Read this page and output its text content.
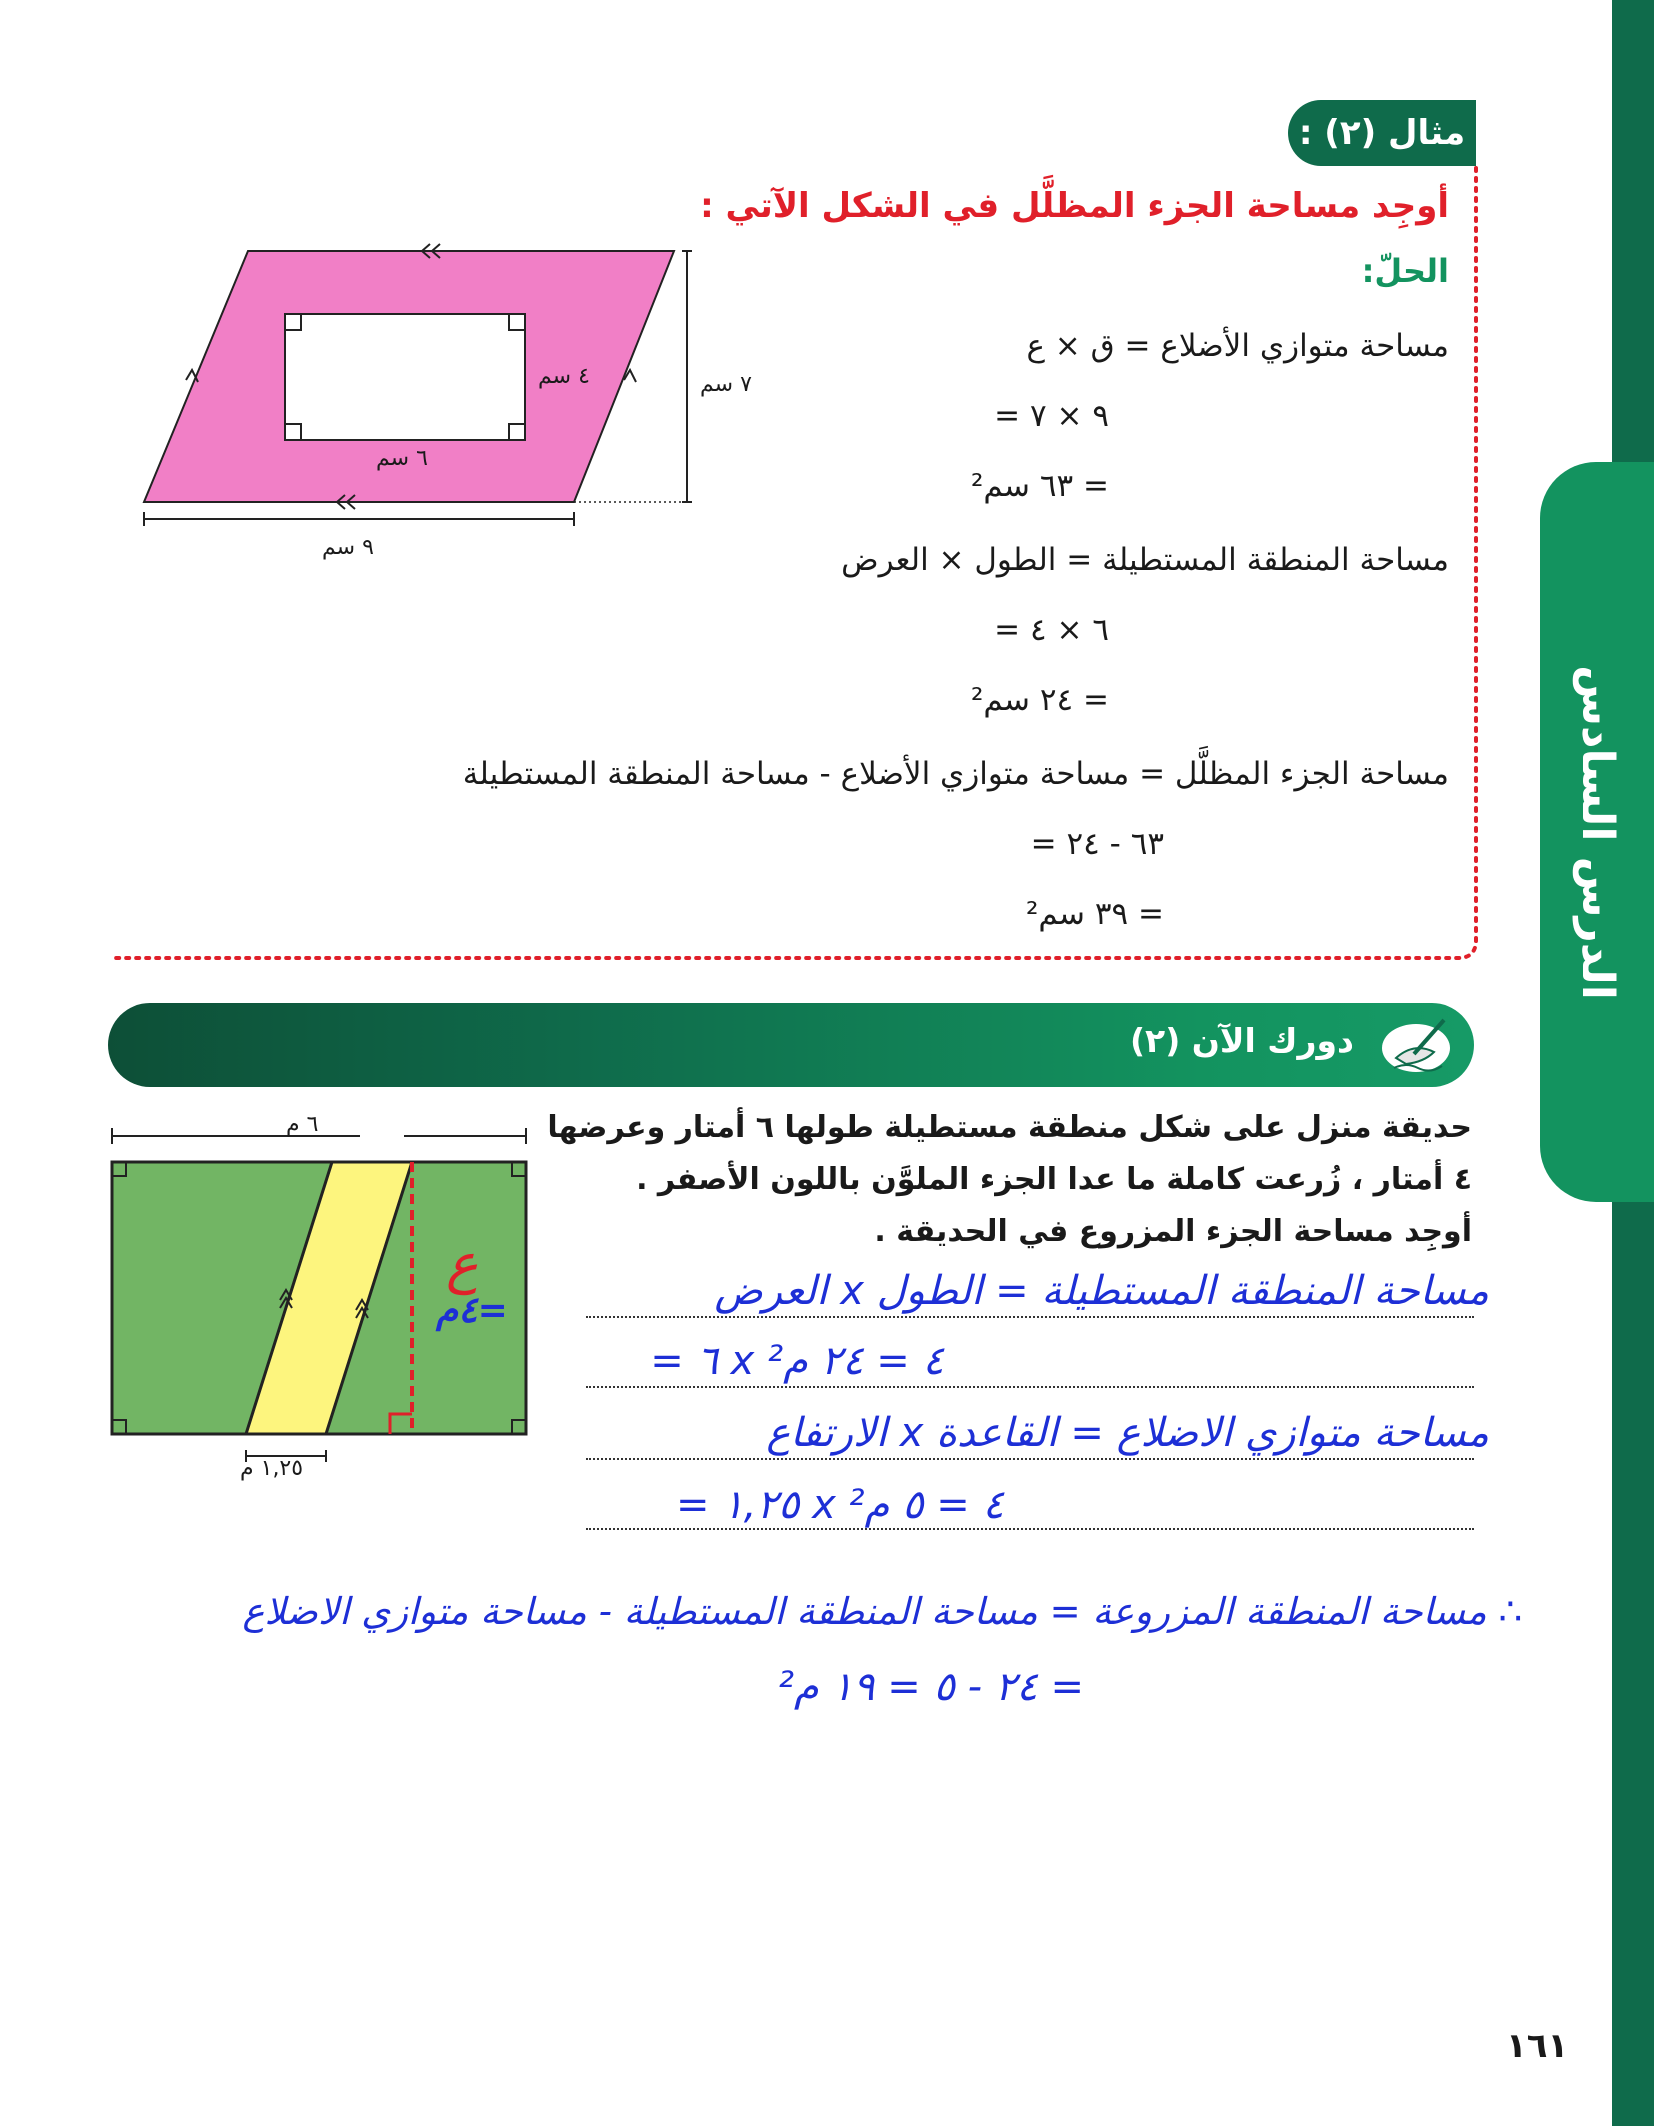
الدرس السادس
مثال (٢) :
أوجِد مساحة الجزء المظلَّل في الشكل الآتي :
الحلّ:
مساحة متوازي الأضلاع = ق × ع
= ٩ × ٧
= ٦٣ سم²
مساحة المنطقة المستطيلة = الطول × العرض
= ٦ × ٤
= ٢٤ سم²
مساحة الجزء المظلَّل = مساحة متوازي الأضلاع - مساحة المنطقة المستطيلة
= ٦٣ - ٢٤
= ٣٩ سم²
٧ سم
٩ سم
٦ سم
٤ سم
دورك الآن (٢)
حديقة منزل على شكل منطقة مستطيلة طولها ٦ أمتار وعرضها
٤ أمتار ، زُرعت كاملة ما عدا الجزء الملوَّن باللون الأصفر .
أوجِد مساحة الجزء المزروع في الحديقة .
٦ م
١,٢٥ م
ع
=٤م	مساحة المنطقة المستطيلة = الطول x العرض
= ٦ x ٤ = ٢٤ م²
مساحة متوازي الاضلاع = القاعدة x الارتفاع
= ١,٢٥ x ٤ = ٥ م²
∴ مساحة المنطقة المزروعة = مساحة المنطقة المستطيلة - مساحة متوازي الاضلاع
= ٢٤ - ٥ = ١٩ م²
١٦١
